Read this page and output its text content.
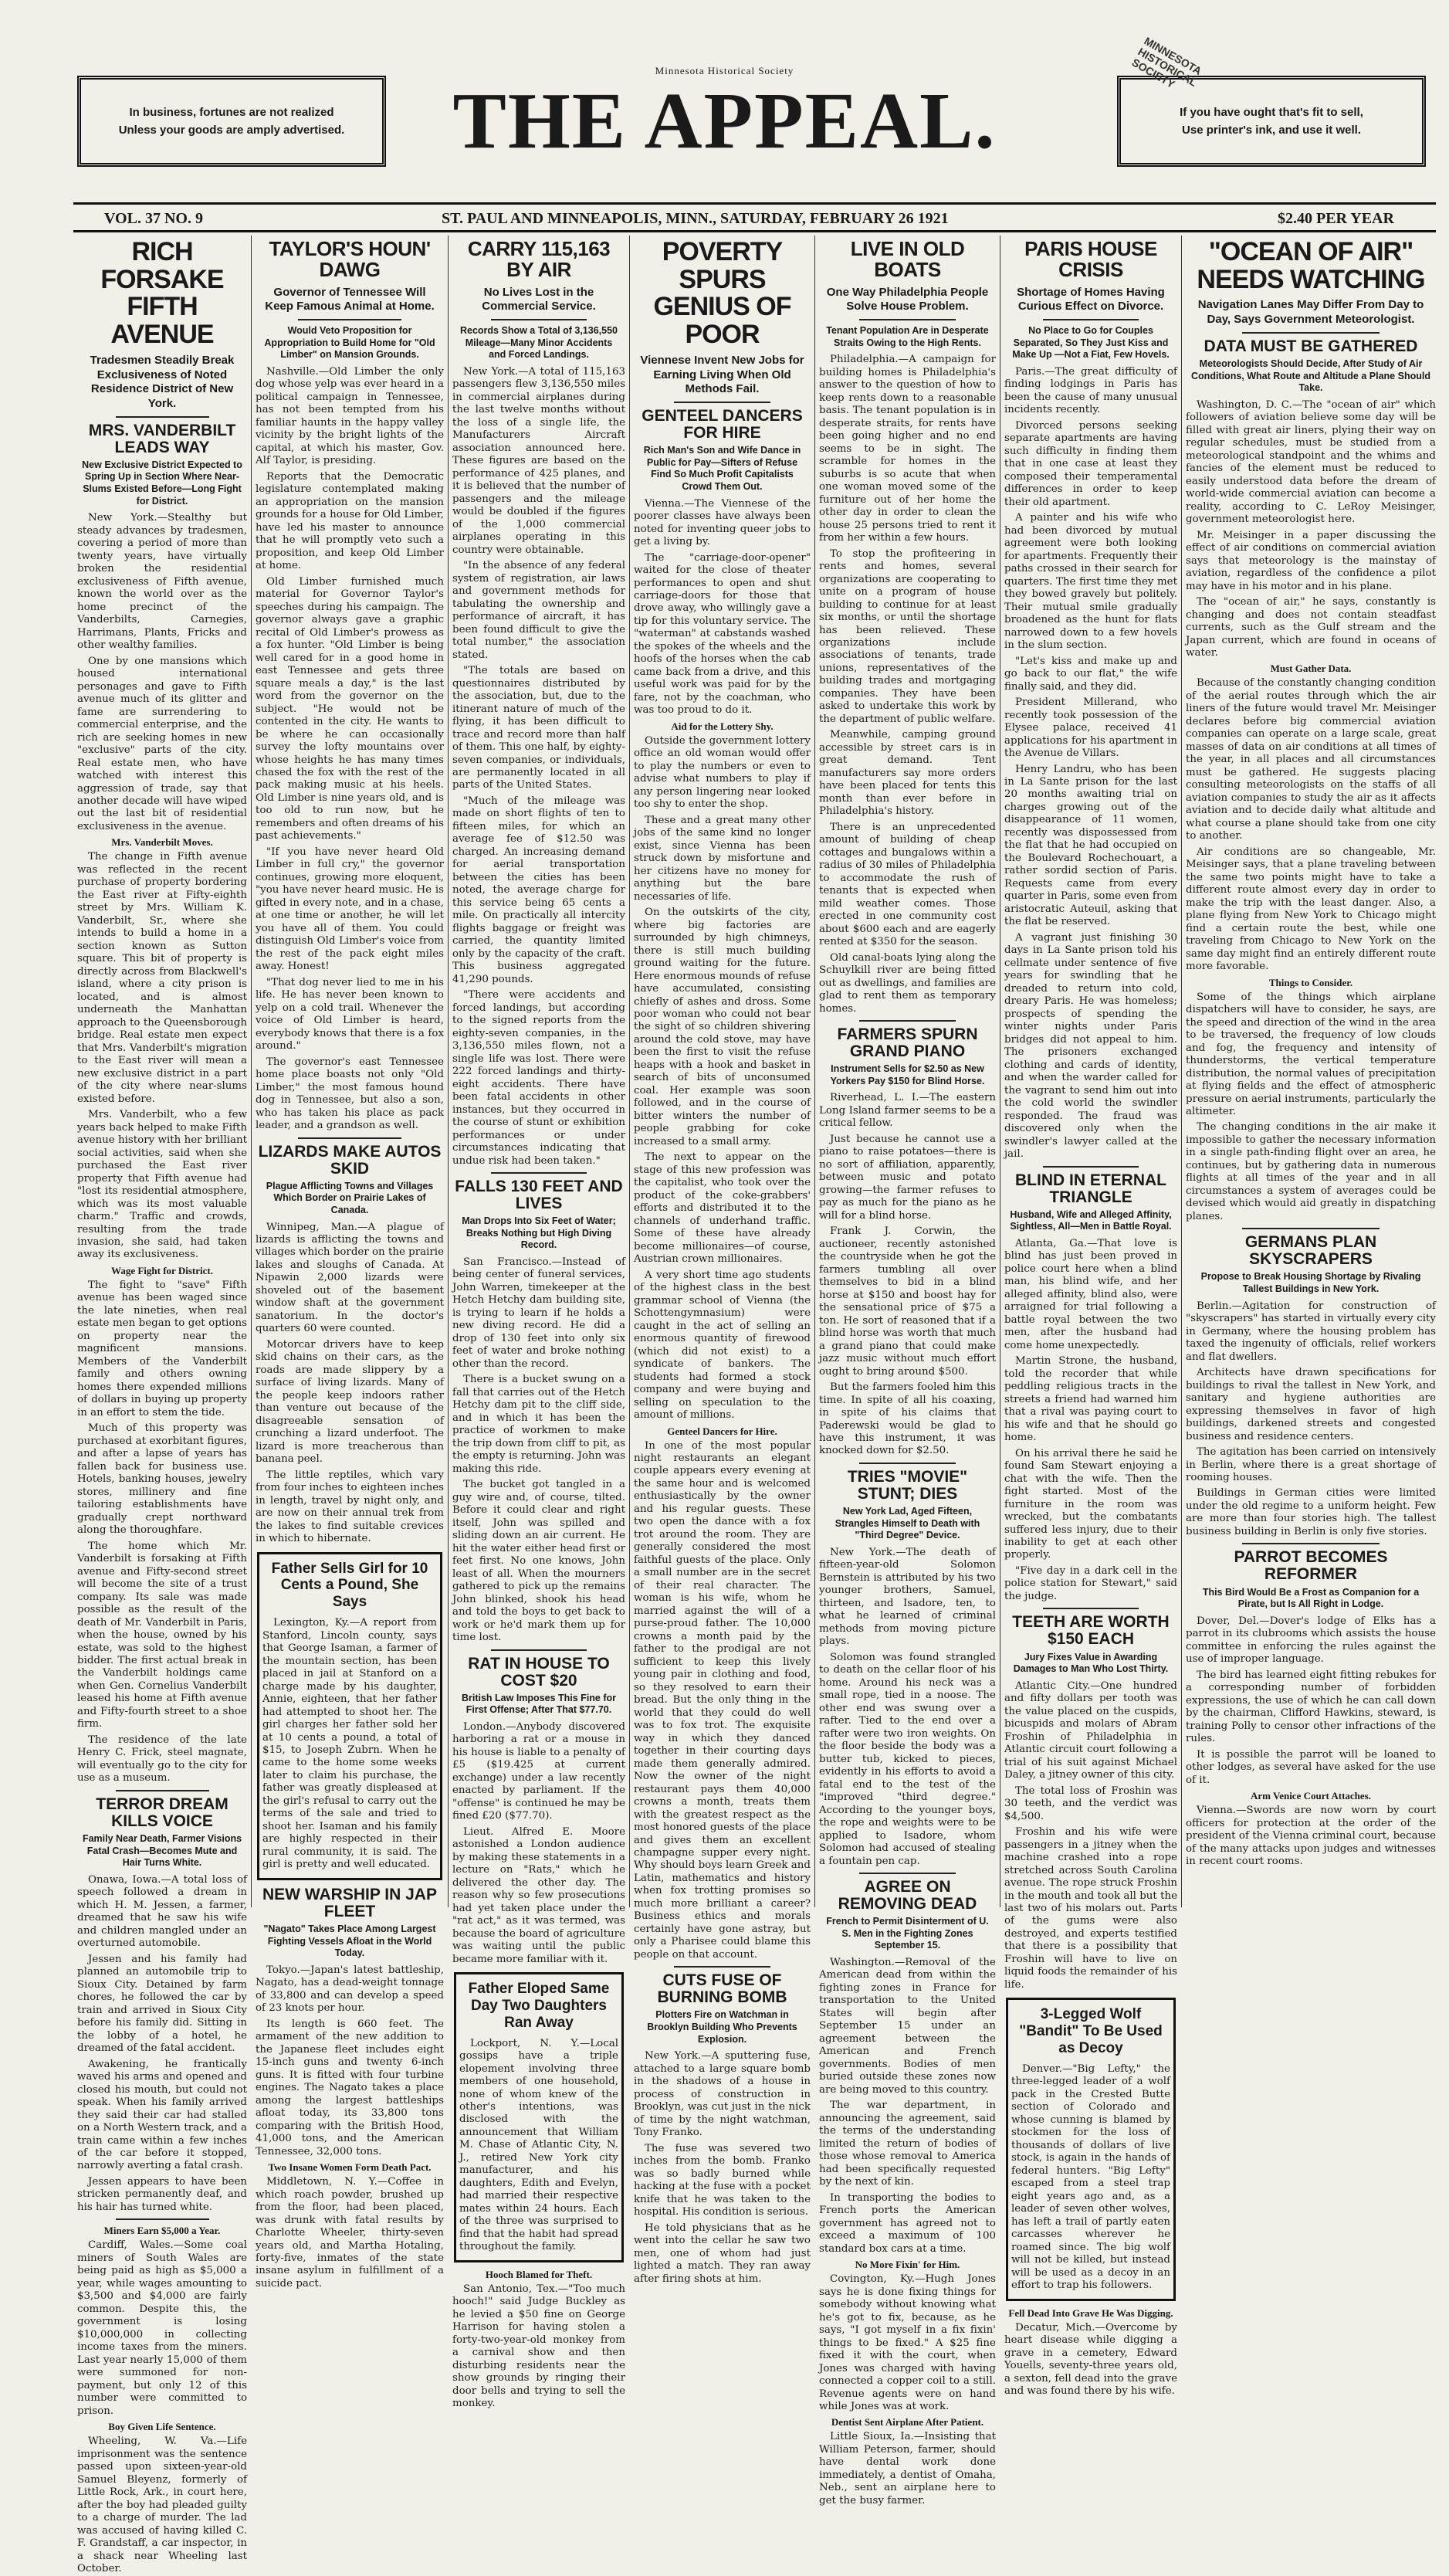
Minnesota Historical Society
In business, fortunes are not realized
Unless your goods are amply advertised.	THE APPEAL.	If you have ought that's fit to sell,
Use printer's ink, and use it well.
MINNESOTA HISTORICAL SOCIETY
VOL. 37 NO. 9	ST. PAUL AND MINNEAPOLIS, MINN., SATURDAY, FEBRUARY 26 1921	$2.40 PER YEAR
RICH FORSAKE FIFTH AVENUE
Tradesmen Steadily Break Exclusiveness of Noted Residence District of New York.
MRS. VANDERBILT LEADS WAY
New Exclusive District Expected to Spring Up in Section Where Near-Slums Existed Before—Long Fight for District.

New York.—Stealthy but steady advances by tradesmen, covering a period of more than twenty years, have virtually broken the residential exclusiveness of Fifth avenue, known the world over as the home precinct of the Vanderbilts, Carnegies, Harrimans, Plants, Fricks and other wealthy families.

One by one mansions which housed international personages and gave to Fifth avenue much of its glitter and fame are surrendering to commercial enterprise, and the rich are seeking homes in new "exclusive" parts of the city. Real estate men, who have watched with interest this aggression of trade, say that another decade will have wiped out the last bit of residential exclusiveness in the avenue.

Mrs. Vanderbilt Moves.

The change in Fifth avenue was reflected in the recent purchase of property bordering the East river at Fifty-eighth street by Mrs. William K. Vanderbilt, Sr., where she intends to build a home in a section known as Sutton square. This bit of property is directly across from Blackwell's island, where a city prison is located, and is almost underneath the Manhattan approach to the Queensborough bridge. Real estate men expect that Mrs. Vanderbilt's migration to the East river will mean a new exclusive district in a part of the city where near-slums existed before.

Mrs. Vanderbilt, who a few years back helped to make Fifth avenue history with her brilliant social activities, said when she purchased the East river property that Fifth avenue had "lost its residential atmosphere, which was its most valuable charm." Traffic and crowds, resulting from the trade invasion, she said, had taken away its exclusiveness.

Wage Fight for District.

The fight to "save" Fifth avenue has been waged since the late nineties, when real estate men began to get options on property near the magnificent mansions. Members of the Vanderbilt family and others owning homes there expended millions of dollars in buying up property in an effort to stem the tide.

Much of this property was purchased at exorbitant figures, and after a lapse of years has fallen back for business use. Hotels, banking houses, jewelry stores, millinery and fine tailoring establishments have gradually crept northward along the thoroughfare.

The home which Mr. Vanderbilt is forsaking at Fifth avenue and Fifty-second street will become the site of a trust company. Its sale was made possible as the result of the death of Mr. Vanderbilt in Paris, when the house, owned by his estate, was sold to the highest bidder. The first actual break in the Vanderbilt holdings came when Gen. Cornelius Vanderbilt leased his home at Fifth avenue and Fifty-fourth street to a shoe firm.

The residence of the late Henry C. Frick, steel magnate, will eventually go to the city for use as a museum.

TERROR DREAM KILLS VOICE
Family Near Death, Farmer Visions Fatal Crash—Becomes Mute and Hair Turns White.

Onawa, Iowa.—A total loss of speech followed a dream in which H. M. Jessen, a farmer, dreamed that he saw his wife and children mangled under an overturned automobile.

Jessen and his family had planned an automobile trip to Sioux City. Detained by farm chores, he followed the car by train and arrived in Sioux City before his family did. Sitting in the lobby of a hotel, he dreamed of the fatal accident.

Awakening, he frantically waved his arms and opened and closed his mouth, but could not speak. When his family arrived they said their car had stalled on a North Western track, and a train came within a few inches of the car before it stopped, narrowly averting a fatal crash.

Jessen appears to have been stricken permanently deaf, and his hair has turned white.

Miners Earn $5,000 a Year.

Cardiff, Wales.—Some coal miners of South Wales are being paid as high as $5,000 a year, while wages amounting to $3,500 and $4,000 are fairly common. Despite this, the government is losing $10,000,000 in collecting income taxes from the miners. Last year nearly 15,000 of them were summoned for non-payment, but only 12 of this number were committed to prison.

Boy Given Life Sentence.

Wheeling, W. Va.—Life imprisonment was the sentence passed upon sixteen-year-old Samuel Bleyenz, formerly of Little Rock, Ark., in court here, after the boy had pleaded guilty to a charge of murder. The lad was accused of having killed C. F. Grandstaff, a car inspector, in a shack near Wheeling last October.

TAYLOR'S HOUN' DAWG
Governor of Tennessee Will Keep Famous Animal at Home.
Would Veto Proposition for Appropriation to Build Home for "Old Limber" on Mansion Grounds.

Nashville.—Old Limber the only dog whose yelp was ever heard in a political campaign in Tennessee, has not been tempted from his familiar haunts in the happy valley vicinity by the bright lights of the capital, at which his master, Gov. Alf Taylor, is presiding.

Reports that the Democratic legislature contemplated making an appropriation on the mansion grounds for a house for Old Limber, have led his master to announce that he will promptly veto such a proposition, and keep Old Limber at home.

Old Limber furnished much material for Governor Taylor's speeches during his campaign. The governor always gave a graphic recital of Old Limber's prowess as a fox hunter. "Old Limber is being well cared for in a good home in east Tennessee and gets three square meals a day," is the last word from the governor on the subject. "He would not be contented in the city. He wants to be where he can occasionally survey the lofty mountains over whose heights he has many times chased the fox with the rest of the pack making music at his heels. Old Limber is nine years old, and is too old to run now, but he remembers and often dreams of his past achievements."

"If you have never heard Old Limber in full cry," the governor continues, growing more eloquent, "you have never heard music. He is gifted in every note, and in a chase, at one time or another, he will let you have all of them. You could distinguish Old Limber's voice from the rest of the pack eight miles away. Honest!

"That dog never lied to me in his life. He has never been known to yelp on a cold trail. Whenever the voice of Old Limber is heard, everybody knows that there is a fox around."

The governor's east Tennessee home place boasts not only "Old Limber," the most famous hound dog in Tennessee, but also a son, who has taken his place as pack leader, and a grandson as well.

LIZARDS MAKE AUTOS SKID
Plague Afflicting Towns and Villages Which Border on Prairie Lakes of Canada.

Winnipeg, Man.—A plague of lizards is afflicting the towns and villages which border on the prairie lakes and sloughs of Canada. At Nipawin 2,000 lizards were shoveled out of the basement window shaft at the government sanatorium. In the doctor's quarters 60 were counted.

Motorcar drivers have to keep skid chains on their cars, as the roads are made slippery by a surface of living lizards. Many of the people keep indoors rather than venture out because of the disagreeable sensation of crunching a lizard underfoot. The lizard is more treacherous than banana peel.

The little reptiles, which vary from four inches to eighteen inches in length, travel by night only, and are now on their annual trek from the lakes to find suitable crevices in which to hibernate.

Father Sells Girl for 10 Cents a Pound, She Says

Lexington, Ky.—A report from Stanford, Lincoln county, says that George Isaman, a farmer of the mountain section, has been placed in jail at Stanford on a charge made by his daughter, Annie, eighteen, that her father had attempted to shoot her. The girl charges her father sold her at 10 cents a pound, a total of $15, to Joseph Zubrn. When he came to the home some weeks later to claim his purchase, the father was greatly displeased at the girl's refusal to carry out the terms of the sale and tried to shoot her. Isaman and his family are highly respected in their rural community, it is said. The girl is pretty and well educated.

NEW WARSHIP IN JAP FLEET
"Nagato" Takes Place Among Largest Fighting Vessels Afloat in the World Today.

Tokyo.—Japan's latest battleship, Nagato, has a dead-weight tonnage of 33,800 and can develop a speed of 23 knots per hour.

Its length is 660 feet. The armament of the new addition to the Japanese fleet includes eight 15-inch guns and twenty 6-inch guns. It is fitted with four turbine engines. The Nagato takes a place among the largest battleships afloat today, its 33,800 tons comparing with the British Hood, 41,000 tons, and the American Tennessee, 32,000 tons.

Two Insane Women Form Death Pact.

Middletown, N. Y.—Coffee in which roach powder, brushed up from the floor, had been placed, was drunk with fatal results by Charlotte Wheeler, thirty-seven years old, and Martha Hotaling, forty-five, inmates of the state insane asylum in fulfillment of a suicide pact.

CARRY 115,163 BY AIR
No Lives Lost in the Commercial Service.
Records Show a Total of 3,136,550 Mileage—Many Minor Accidents and Forced Landings.

New York.—A total of 115,163 passengers flew 3,136,550 miles in commercial airplanes during the last twelve months without the loss of a single life, the Manufacturers Aircraft association announced here. These figures are based on the performance of 425 planes, and it is believed that the number of passengers and the mileage would be doubled if the figures of the 1,000 commercial airplanes operating in this country were obtainable.

"In the absence of any federal system of registration, air laws and government methods for tabulating the ownership and performance of aircraft, it has been found difficult to give the total number," the association stated.

"The totals are based on questionnaires distributed by the association, but, due to the itinerant nature of much of the flying, it has been difficult to trace and record more than half of them. This one half, by eighty-seven companies, or individuals, are permanently located in all parts of the United States.

"Much of the mileage was made on short flights of ten to fifteen miles, for which an average fee of $12.50 was charged. An increasing demand for aerial transportation between the cities has been noted, the average charge for this service being 65 cents a mile. On practically all intercity flights baggage or freight was carried, the quantity limited only by the capacity of the craft. This business aggregated 41,290 pounds.

"There were accidents and forced landings, but according to the signed reports from the eighty-seven companies, in the 3,136,550 miles flown, not a single life was lost. There were 222 forced landings and thirty-eight accidents. There have been fatal accidents in other instances, but they occurred in the course of stunt or exhibition performances or under circumstances indicating that undue risk had been taken."

FALLS 130 FEET AND LIVES
Man Drops Into Six Feet of Water; Breaks Nothing but High Diving Record.

San Francisco.—Instead of being center of funeral services, John Warren, timekeeper at the Hetch Hetchy dam building site, is trying to learn if he holds a new diving record. He did a drop of 130 feet into only six feet of water and broke nothing other than the record.

There is a bucket swung on a fall that carries out of the Hetch Hetchy dam pit to the cliff side, and in which it has been the practice of workmen to make the trip down from cliff to pit, as the empty is returning. John was making this ride.

The bucket got tangled in a guy wire and, of course, tilted. Before it could clear and right itself, John was spilled and sliding down an air current. He hit the water either head first or feet first. No one knows, John least of all. When the mourners gathered to pick up the remains John blinked, shook his head and told the boys to get back to work or he'd mark them up for time lost.

RAT IN HOUSE TO COST $20
British Law Imposes This Fine for First Offense; After That $77.70.

London.—Anybody discovered harboring a rat or a mouse in his house is liable to a penalty of £5 ($19.425 at current exchange) under a law recently enacted by parliament. If the "offense" is continued he may be fined £20 ($77.70).

Lieut. Alfred E. Moore astonished a London audience by making these statements in a lecture on "Rats," which he delivered the other day. The reason why so few prosecutions had yet taken place under the "rat act," as it was termed, was because the board of agriculture was waiting until the public became more familiar with it.

Father Eloped Same Day Two Daughters Ran Away

Lockport, N. Y.—Local gossips have a triple elopement involving three members of one household, none of whom knew of the other's intentions, was disclosed with the announcement that William M. Chase of Atlantic City, N. J., retired New York city manufacturer, and his daughters, Edith and Evelyn, had married their respective mates within 24 hours. Each of the three was surprised to find that the habit had spread throughout the family.

Hooch Blamed for Theft.

San Antonio, Tex.—"Too much hooch!" said Judge Buckley as he levied a $50 fine on George Harrison for having stolen a forty-two-year-old monkey from a carnival show and then disturbing residents near the show grounds by ringing their door bells and trying to sell the monkey.

POVERTY SPURS GENIUS OF POOR
Viennese Invent New Jobs for Earning Living When Old Methods Fail.
GENTEEL DANCERS FOR HIRE
Rich Man's Son and Wife Dance in Public for Pay—Sifters of Refuse Find So Much Profit Capitalists Crowd Them Out.

Vienna.—The Viennese of the poorer classes have always been noted for inventing queer jobs to get a living by.

The "carriage-door-opener" waited for the close of theater performances to open and shut carriage-doors for those that drove away, who willingly gave a tip for this voluntary service. The "waterman" at cabstands washed the spokes of the wheels and the hoofs of the horses when the cab came back from a drive, and this useful work was paid for by the fare, not by the coachman, who was too proud to do it.

Aid for the Lottery Shy.

Outside the government lottery office an old woman would offer to play the numbers or even to advise what numbers to play if any person lingering near looked too shy to enter the shop.

These and a great many other jobs of the same kind no longer exist, since Vienna has been struck down by misfortune and her citizens have no money for anything but the bare necessaries of life.

On the outskirts of the city, where big factories are surrounded by high chimneys, there is still much building ground waiting for the future. Here enormous mounds of refuse have accumulated, consisting chiefly of ashes and dross. Some poor woman who could not bear the sight of so children shivering around the cold stove, may have been the first to visit the refuse heaps with a hook and basket in search of bits of unconsumed coal. Her example was soon followed, and in the course of bitter winters the number of people grabbing for coke increased to a small army.

The next to appear on the stage of this new profession was the capitalist, who took over the product of the coke-grabbers' efforts and distributed it to the channels of underhand traffic. Some of these have already become millionaires—of course, Austrian crown millionaires.

A very short time ago students of the highest class in the best grammar school of Vienna (the Schottengymnasium) were caught in the act of selling an enormous quantity of firewood (which did not exist) to a syndicate of bankers. The students had formed a stock company and were buying and selling on speculation to the amount of millions.

Genteel Dancers for Hire.

In one of the most popular night restaurants an elegant couple appears every evening at the same hour and is welcomed enthusiastically by the owner and his regular guests. These two open the dance with a fox trot around the room. They are generally considered the most faithful guests of the place. Only a small number are in the secret of their real character. The woman is his wife, whom he married against the will of a purse-proud father. The 10,000 crowns a month paid by the father to the prodigal are not sufficient to keep this lively young pair in clothing and food, so they resolved to earn their bread. But the only thing in the world that they could do well was to fox trot. The exquisite way in which they danced together in their courting days made them generally admired. Now the owner of the night restaurant pays them 40,000 crowns a month, treats them with the greatest respect as the most honored guests of the place and gives them an excellent champagne supper every night. Why should boys learn Greek and Latin, mathematics and history when fox trotting promises so much more brilliant a career? Business ethics and morals certainly have gone astray, but only a Pharisee could blame this people on that account.

CUTS FUSE OF BURNING BOMB
Plotters Fire on Watchman in Brooklyn Building Who Prevents Explosion.

New York.—A sputtering fuse, attached to a large square bomb in the shadows of a house in process of construction in Brooklyn, was cut just in the nick of time by the night watchman, Tony Franko.

The fuse was severed two inches from the bomb. Franko was so badly burned while hacking at the fuse with a pocket knife that he was taken to the hospital. His condition is serious.

He told physicians that as he went into the cellar he saw two men, one of whom had just lighted a match. They ran away after firing shots at him.

LIVE IN OLD BOATS
One Way Philadelphia People Solve House Problem.
Tenant Population Are in Desperate Straits Owing to the High Rents.

Philadelphia.—A campaign for building homes is Philadelphia's answer to the question of how to keep rents down to a reasonable basis. The tenant population is in desperate straits, for rents have been going higher and no end seems to be in sight. The scramble for homes in the suburbs is so acute that when one woman moved some of the furniture out of her home the other day in order to clean the house 25 persons tried to rent it from her within a few hours.

To stop the profiteering in rents and homes, several organizations are cooperating to unite on a program of house building to continue for at least six months, or until the shortage has been relieved. These organizations include associations of tenants, trade unions, representatives of the building trades and mortgaging companies. They have been asked to undertake this work by the department of public welfare.

Meanwhile, camping ground accessible by street cars is in great demand. Tent manufacturers say more orders have been placed for tents this month than ever before in Philadelphia's history.

There is an unprecedented amount of building of cheap cottages and bungalows within a radius of 30 miles of Philadelphia to accommodate the rush of tenants that is expected when mild weather comes. Those erected in one community cost about $600 each and are eagerly rented at $350 for the season.

Old canal-boats lying along the Schuylkill river are being fitted out as dwellings, and families are glad to rent them as temporary homes.

FARMERS SPURN GRAND PIANO
Instrument Sells for $2.50 as New Yorkers Pay $150 for Blind Horse.

Riverhead, L. I.—The eastern Long Island farmer seems to be a critical fellow.

Just because he cannot use a piano to raise potatoes—there is no sort of affiliation, apparently, between music and potato growing—the farmer refuses to pay as much for the piano as he will for a blind horse.

Frank J. Corwin, the auctioneer, recently astonished the countryside when he got the farmers tumbling all over themselves to bid in a blind horse at $150 and boost hay for the sensational price of $75 a ton. He sort of reasoned that if a blind horse was worth that much a grand piano that could make jazz music without much effort ought to bring around $500.

But the farmers fooled him this time. In spite of all his coaxing, in spite of his claims that Paderewski would be glad to have this instrument, it was knocked down for $2.50.

TRIES "MOVIE" STUNT; DIES
New York Lad, Aged Fifteen, Strangles Himself to Death with "Third Degree" Device.

New York.—The death of fifteen-year-old Solomon Bernstein is attributed by his two younger brothers, Samuel, thirteen, and Isadore, ten, to what he learned of criminal methods from moving picture plays.

Solomon was found strangled to death on the cellar floor of his home. Around his neck was a small rope, tied in a noose. The other end was swung over a rafter. Tied to the end over a rafter were two iron weights. On the floor beside the body was a butter tub, kicked to pieces, evidently in his efforts to avoid a fatal end to the test of the "improved "third degree." According to the younger boys, the rope and weights were to be applied to Isadore, whom Solomon had accused of stealing a fountain pen cap.

AGREE ON REMOVING DEAD
French to Permit Disinterment of U. S. Men in the Fighting Zones September 15.

Washington.—Removal of the American dead from within the fighting zones in France for transportation to the United States will begin after September 15 under an agreement between the American and French governments. Bodies of men buried outside these zones now are being moved to this country.

The war department, in announcing the agreement, said the terms of the understanding limited the return of bodies of those whose removal to America had been specifically requested by the next of kin.

In transporting the bodies to French ports the American government has agreed not to exceed a maximum of 100 standard box cars at a time.

No More Fixin' for Him.

Covington, Ky.—Hugh Jones says he is done fixing things for somebody without knowing what he's got to fix, because, as he says, "I got myself in a fix fixin' things to be fixed." A $25 fine fixed it with the court, when Jones was charged with having connected a copper coil to a still. Revenue agents were on hand while Jones was at work.

Dentist Sent Airplane After Patient.

Little Sioux, Ia.—Insisting that William Peterson, farmer, should have dental work done immediately, a dentist of Omaha, Neb., sent an airplane here to get the busy farmer.

PARIS HOUSE CRISIS
Shortage of Homes Having Curious Effect on Divorce.
No Place to Go for Couples Separated, So They Just Kiss and Make Up —Not a Fiat, Few Hovels.

Paris.—The great difficulty of finding lodgings in Paris has been the cause of many unusual incidents recently.

Divorced persons seeking separate apartments are having such difficulty in finding them that in one case at least they composed their temperamental differences in order to keep their old apartment.

A painter and his wife who had been divorced by mutual agreement were both looking for apartments. Frequently their paths crossed in their search for quarters. The first time they met they bowed gravely but politely. Their mutual smile gradually broadened as the hunt for flats narrowed down to a few hovels in the slum section.

"Let's kiss and make up and go back to our flat," the wife finally said, and they did.

President Millerand, who recently took possession of the Elysee palace, received 41 applications for his apartment in the Avenue de Villars.

Henry Landru, who has been in La Sante prison for the last 20 months awaiting trial on charges growing out of the disappearance of 11 women, recently was dispossessed from the flat that he had occupied on the Boulevard Rochechouart, a rather sordid section of Paris. Requests came from every quarter in Paris, some even from aristocratic Auteuil, asking that the flat be reserved.

A vagrant just finishing 30 days in La Sante prison told his cellmate under sentence of five years for swindling that he dreaded to return into cold, dreary Paris. He was homeless; prospects of spending the winter nights under Paris bridges did not appeal to him. The prisoners exchanged clothing and cards of identity, and when the warder called for the vagrant to send him out into the cold world the swindler responded. The fraud was discovered only when the swindler's lawyer called at the jail.

BLIND IN ETERNAL TRIANGLE
Husband, Wife and Alleged Affinity, Sightless, All—Men in Battle Royal.

Atlanta, Ga.—That love is blind has just been proved in police court here when a blind man, his blind wife, and her alleged affinity, blind also, were arraigned for trial following a battle royal between the two men, after the husband had come home unexpectedly.

Martin Strone, the husband, told the recorder that while peddling religious tracts in the streets a friend had warned him that a rival was paying court to his wife and that he should go home.

On his arrival there he said he found Sam Stewart enjoying a chat with the wife. Then the fight started. Most of the furniture in the room was wrecked, but the combatants suffered less injury, due to their inability to get at each other properly.

"Five day in a dark cell in the police station for Stewart," said the judge.

TEETH ARE WORTH $150 EACH
Jury Fixes Value in Awarding Damages to Man Who Lost Thirty.

Atlantic City.—One hundred and fifty dollars per tooth was the value placed on the cuspids, bicuspids and molars of Abram Froshin of Philadelphia in Atlantic circuit court following a trial of his suit against Michael Daley, a jitney owner of this city.

The total loss of Froshin was 30 teeth, and the verdict was $4,500.

Froshin and his wife were passengers in a jitney when the machine crashed into a rope stretched across South Carolina avenue. The rope struck Froshin in the mouth and took all but the last two of his molars out. Parts of the gums were also destroyed, and experts testified that there is a possibility that Froshin will have to live on liquid foods the remainder of his life.

3-Legged Wolf "Bandit" To Be Used as Decoy

Denver.—"Big Lefty," the three-legged leader of a wolf pack in the Crested Butte section of Colorado and whose cunning is blamed by stockmen for the loss of thousands of dollars of live stock, is again in the hands of federal hunters. "Big Lefty" escaped from a steel trap eight years ago and, as a leader of seven other wolves, has left a trail of partly eaten carcasses wherever he roamed since. The big wolf will not be killed, but instead will be used as a decoy in an effort to trap his followers.

Fell Dead Into Grave He Was Digging.

Decatur, Mich.—Overcome by heart disease while digging a grave in a cemetery, Edward Youells, seventy-three years old, a sexton, fell dead into the grave and was found there by his wife.

"OCEAN OF AIR" NEEDS WATCHING
Navigation Lanes May Differ From Day to Day, Says Government Meteorologist.
DATA MUST BE GATHERED
Meteorologists Should Decide, After Study of Air Conditions, What Route and Altitude a Plane Should Take.

Washington, D. C.—The "ocean of air" which followers of aviation believe some day will be filled with great air liners, plying their way on regular schedules, must be studied from a meteorological standpoint and the whims and fancies of the element must be reduced to easily understood data before the dream of world-wide commercial aviation can become a reality, according to C. LeRoy Meisinger, government meteorologist here.

Mr. Meisinger in a paper discussing the effect of air conditions on commercial aviation says that meteorology is the mainstay of aviation, regardless of the confidence a pilot may have in his motor and in his plane.

The "ocean of air," he says, constantly is changing and does not contain steadfast currents, such as the Gulf stream and the Japan current, which are found in oceans of water.

Must Gather Data.

Because of the constantly changing condition of the aerial routes through which the air liners of the future would travel Mr. Meisinger declares before big commercial aviation companies can operate on a large scale, great masses of data on air conditions at all times of the year, in all places and all circumstances must be gathered. He suggests placing consulting meteorologists on the staffs of all aviation companies to study the air as it affects aviation and to decide daily what altitude and what course a plane should take from one city to another.

Air conditions are so changeable, Mr. Meisinger says, that a plane traveling between the same two points might have to take a different route almost every day in order to make the trip with the least danger. Also, a plane flying from New York to Chicago might find a certain route the best, while one traveling from Chicago to New York on the same day might find an entirely different route more favorable.

Things to Consider.

Some of the things which airplane dispatchers will have to consider, he says, are the speed and direction of the wind in the area to be traversed, the frequency of low clouds and fog, the frequency and intensity of thunderstorms, the vertical temperature distribution, the normal values of precipitation at flying fields and the effect of atmospheric pressure on aerial instruments, particularly the altimeter.

The changing conditions in the air make it impossible to gather the necessary information in a single path-finding flight over an area, he continues, but by gathering data in numerous flights at all times of the year and in all circumstances a system of averages could be devised which would aid greatly in dispatching planes.

GERMANS PLAN SKYSCRAPERS
Propose to Break Housing Shortage by Rivaling Tallest Buildings in New York.

Berlin.—Agitation for construction of "skyscrapers" has started in virtually every city in Germany, where the housing problem has taxed the ingenuity of officials, relief workers and flat dwellers.

Architects have drawn specifications for buildings to rival the tallest in New York, and sanitary and hygiene authorities are expressing themselves in favor of high buildings, darkened streets and congested business and residence centers.

The agitation has been carried on intensively in Berlin, where there is a great shortage of rooming houses.

Buildings in German cities were limited under the old regime to a uniform height. Few are more than four stories high. The tallest business building in Berlin is only five stories.

PARROT BECOMES REFORMER
This Bird Would Be a Frost as Companion for a Pirate, but Is All Right in Lodge.

Dover, Del.—Dover's lodge of Elks has a parrot in its clubrooms which assists the house committee in enforcing the rules against the use of improper language.

The bird has learned eight fitting rebukes for a corresponding number of forbidden expressions, the use of which he can call down by the chairman, Clifford Hawkins, steward, is training Polly to censor other infractions of the rules.

It is possible the parrot will be loaned to other lodges, as several have asked for the use of it.

Arm Venice Court Attaches.

Vienna.—Swords are now worn by court officers for protection at the order of the president of the Vienna criminal court, because of the many attacks upon judges and witnesses in recent court rooms.
